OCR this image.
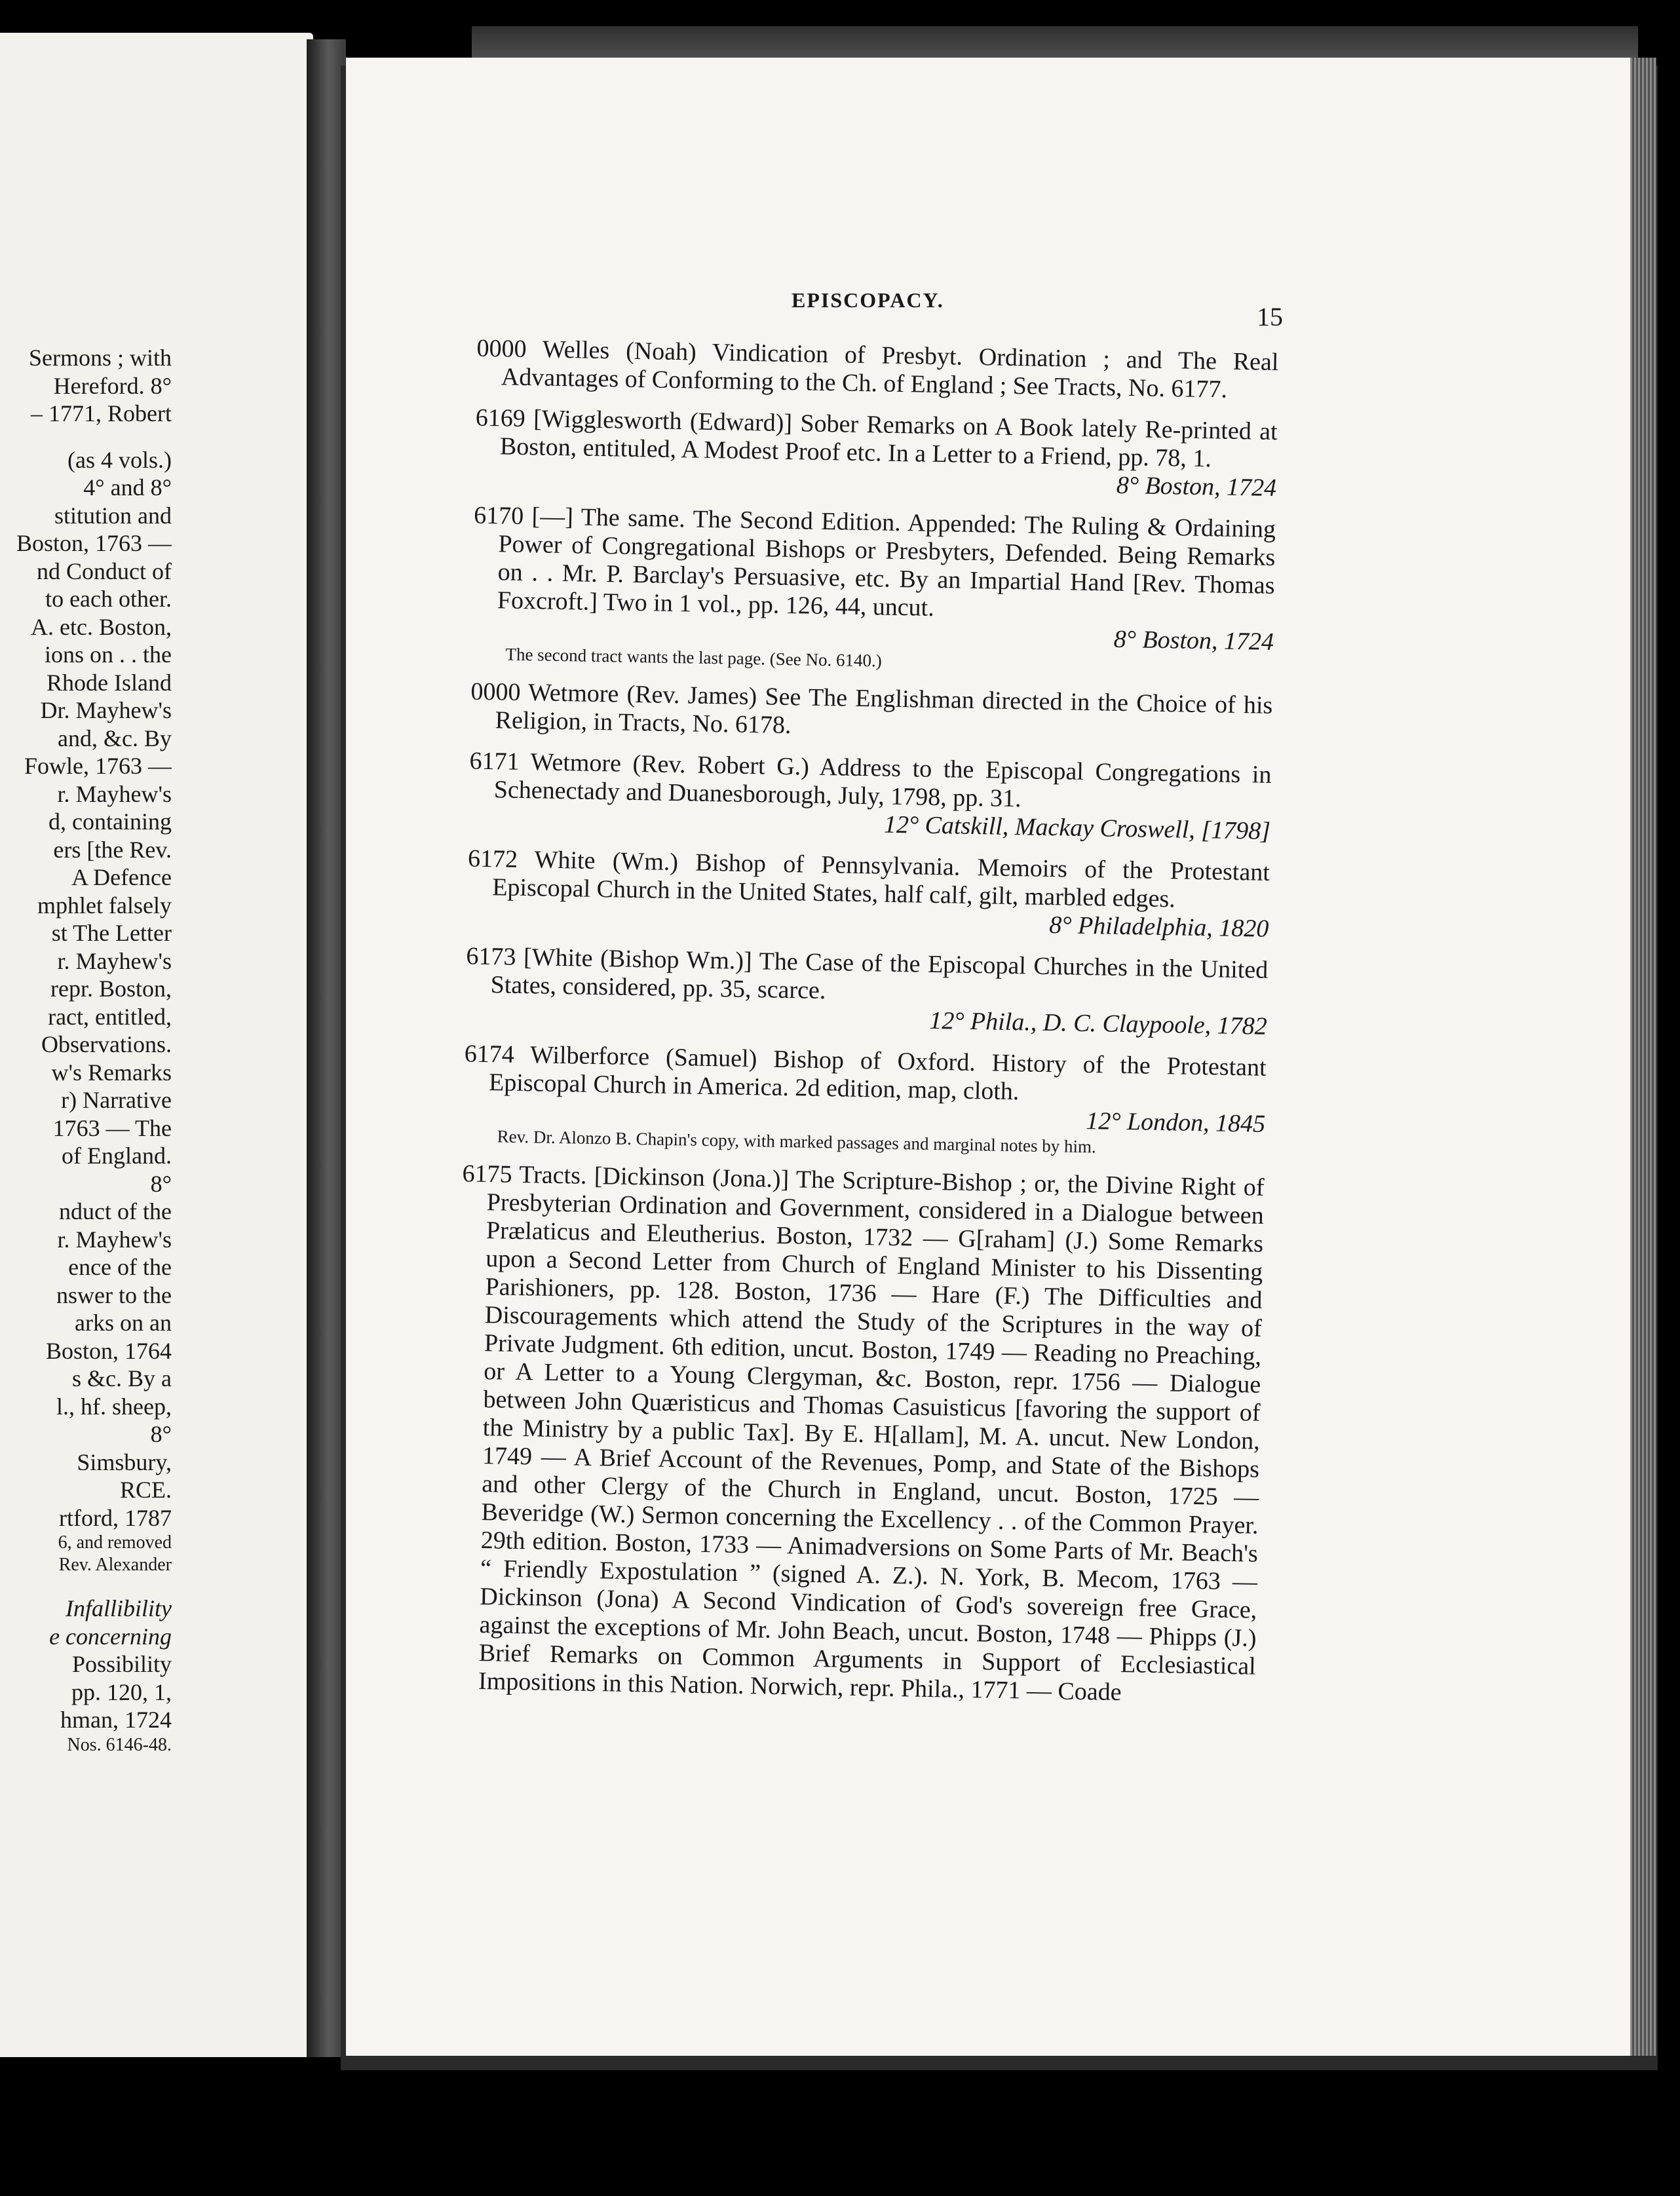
Sermons ; with
Hereford. 8°
– 1771, Robert
(as 4 vols.)
4° and 8°
stitution and
Boston, 1763 —
nd Conduct of
to each other.
A. etc. Boston,
ions on . . the
Rhode Island
Dr. Mayhew's
and, &c. By
Fowle, 1763 —
r. Mayhew's
d, containing
ers [the Rev.
A Defence
mphlet falsely
st The Letter
r. Mayhew's
repr. Boston,
ract, entitled,
Observations.
w's Remarks
r) Narrative
1763 — The
of England.
8°
nduct of the
r. Mayhew's
ence of the
nswer to the
arks on an
Boston, 1764
s &c. By a
l., hf. sheep,
8°
Simsbury,
RCE.
rtford, 1787
6, and removed
Rev. Alexander
Infallibility
e concerning
Possibility
pp. 120, 1,
hman, 1724
Nos. 6146-48.
EPISCOPACY.
15
0000 Welles (Noah) Vindication of Presbyt. Ordination ; and The Real Advantages of Conforming to the Ch. of England ; See Tracts, No. 6177.
6169 [Wigglesworth (Edward)] Sober Remarks on A Book lately Re-printed at Boston, entituled, A Modest Proof etc. In a Letter to a Friend, pp. 78, 1.
8° Boston, 1724
6170 [—] The same. The Second Edition. Appended: The Ruling & Ordaining Power of Congregational Bishops or Presbyters, Defended. Being Remarks on . . Mr. P. Barclay's Persuasive, etc. By an Impartial Hand [Rev. Thomas Foxcroft.] Two in 1 vol., pp. 126, 44, uncut.
8° Boston, 1724
The second tract wants the last page. (See No. 6140.)
0000 Wetmore (Rev. James) See The Englishman directed in the Choice of his Religion, in Tracts, No. 6178.
6171 Wetmore (Rev. Robert G.) Address to the Episcopal Congregations in Schenectady and Duanesborough, July, 1798, pp. 31.
12° Catskill, Mackay Croswell, [1798]
6172 White (Wm.) Bishop of Pennsylvania. Memoirs of the Protestant Episcopal Church in the United States, half calf, gilt, marbled edges.
8° Philadelphia, 1820
6173 [White (Bishop Wm.)] The Case of the Episcopal Churches in the United States, considered, pp. 35, scarce.
12° Phila., D. C. Claypoole, 1782
6174 Wilberforce (Samuel) Bishop of Oxford. History of the Protestant Episcopal Church in America. 2d edition, map, cloth.
12° London, 1845
Rev. Dr. Alonzo B. Chapin's copy, with marked passages and marginal notes by him.
6175 Tracts. [Dickinson (Jona.)] The Scripture-Bishop ; or, the Divine Right of Presbyterian Ordination and Government, considered in a Dialogue between Prælaticus and Eleutherius. Boston, 1732 — G[raham] (J.) Some Remarks upon a Second Letter from Church of England Minister to his Dissenting Parishioners, pp. 128. Boston, 1736 — Hare (F.) The Difficulties and Discouragements which attend the Study of the Scriptures in the way of Private Judgment. 6th edition, uncut. Boston, 1749 — Reading no Preaching, or A Letter to a Young Clergyman, &c. Boston, repr. 1756 — Dialogue between John Quæristicus and Thomas Casuisticus [favoring the support of the Ministry by a public Tax]. By E. H[allam], M. A. uncut. New London, 1749 — A Brief Account of the Revenues, Pomp, and State of the Bishops and other Clergy of the Church in England, uncut. Boston, 1725 — Beveridge (W.) Sermon concerning the Excellency . . of the Common Prayer. 29th edition. Boston, 1733 — Animadversions on Some Parts of Mr. Beach's “ Friendly Expostulation ” (signed A. Z.). N. York, B. Mecom, 1763 — Dickinson (Jona) A Second Vindication of God's sovereign free Grace, against the exceptions of Mr. John Beach, uncut. Boston, 1748 — Phipps (J.) Brief Remarks on Common Arguments in Support of Ecclesiastical Impositions in this Nation. Norwich, repr. Phila., 1771 — Coade
